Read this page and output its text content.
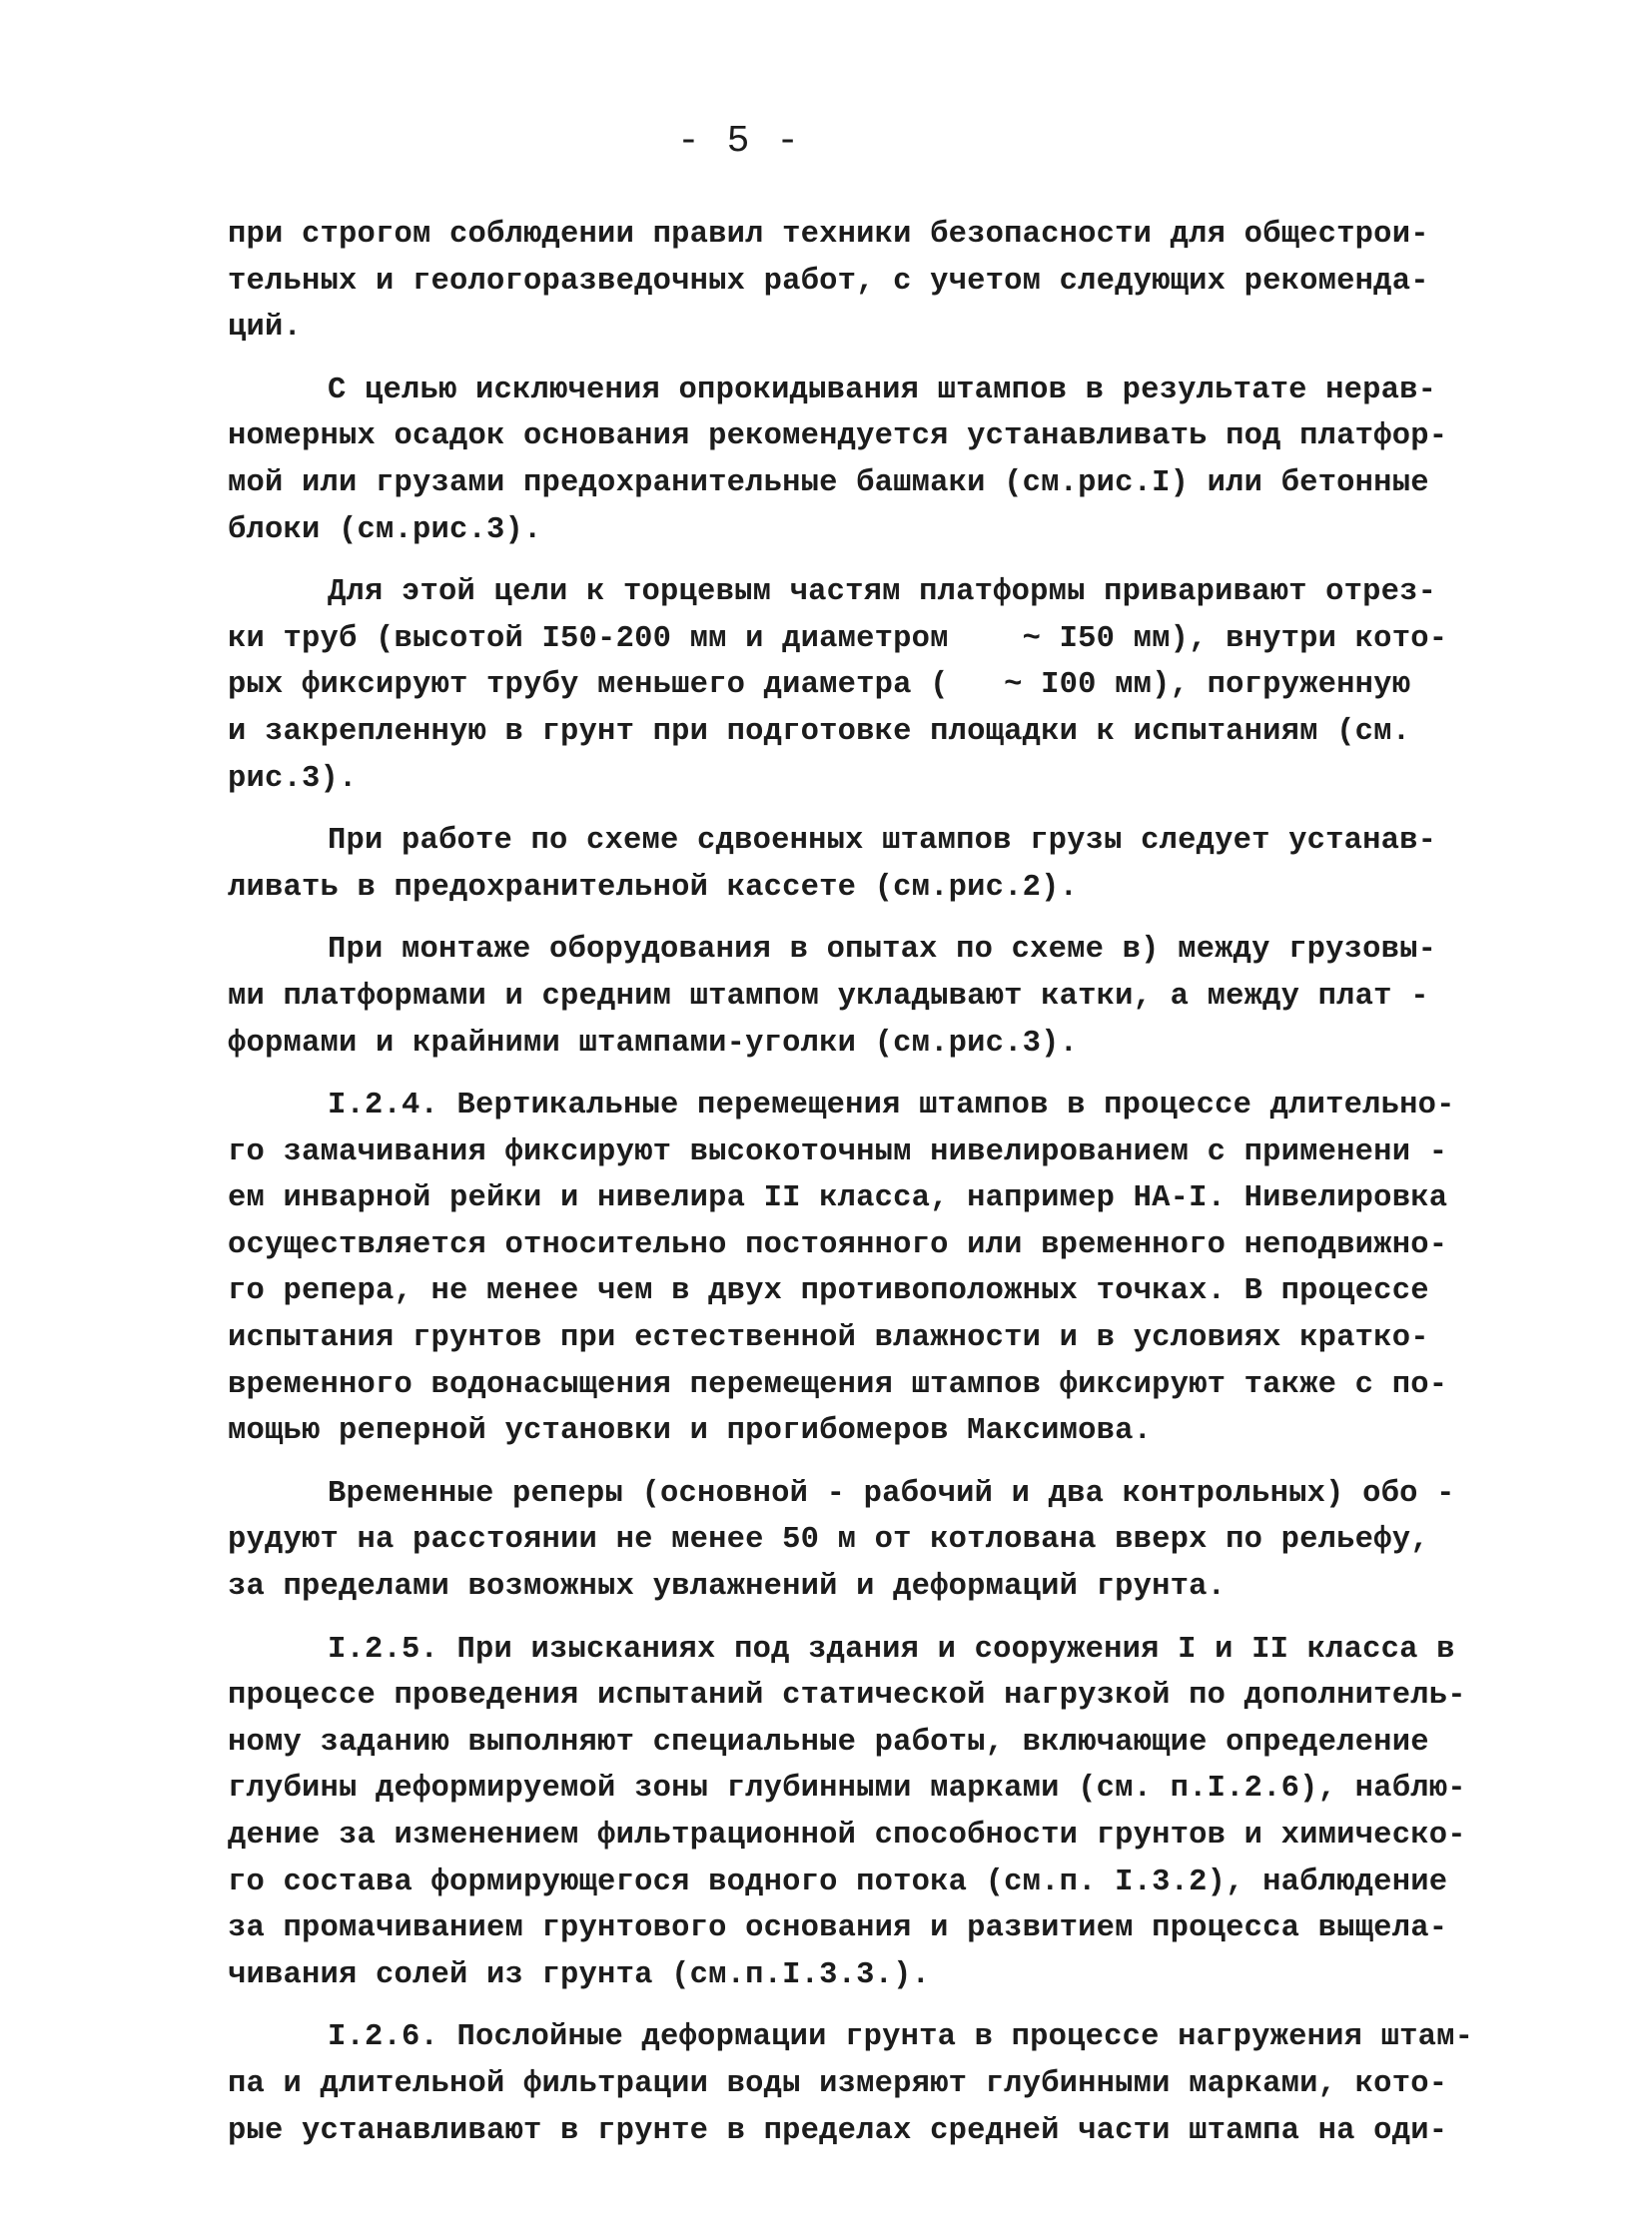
- 5 -
при строгом соблюдении правил техники безопасности для общестрои-
тельных и геологоразведочных работ, с учетом следующих рекоменда-
ций.
С целью исключения опрокидывания штампов в результате нерав-
номерных осадок основания рекомендуется устанавливать под платфор-
мой или грузами предохранительные башмаки (см.рис.I) или бетонные
блоки (см.рис.3).
Для этой цели к торцевым частям платформы приваривают отрез-
ки труб (высотой I50-200 мм и диаметром    ~ I50 мм), внутри кото-
рых фиксируют трубу меньшего диаметра (   ~ I00 мм), погруженную
и закрепленную в грунт при подготовке площадки к испытаниям (см.
рис.3).
При работе по схеме сдвоенных штампов грузы следует устанав-
ливать в предохранительной кассете (см.рис.2).
При монтаже оборудования в опытах по схеме в) между грузовы-
ми платформами и средним штампом укладывают катки, а между плат -
формами и крайними штампами-уголки (см.рис.3).
I.2.4. Вертикальные перемещения штампов в процессе длительно-
го замачивания фиксируют высокоточным нивелированием с применени -
ем инварной рейки и нивелира II класса, например НА-I. Нивелировка
осуществляется относительно постоянного или временного неподвижно-
го репера, не менее чем в двух противоположных точках. В процессе
испытания грунтов при естественной влажности и в условиях кратко-
временного водонасыщения перемещения штампов фиксируют также с по-
мощью реперной установки и прогибомеров Максимова.
Временные реперы (основной - рабочий и два контрольных) обо -
рудуют на расстоянии не менее 50 м от котлована вверх по рельефу,
за пределами возможных увлажнений и деформаций грунта.
I.2.5. При изысканиях под здания и сооружения I и II класса в
процессе проведения испытаний статической нагрузкой по дополнитель-
ному заданию выполняют специальные работы, включающие определение
глубины деформируемой зоны глубинными марками (см. п.I.2.6), наблю-
дение за изменением фильтрационной способности грунтов и химическо-
го состава формирующегося водного потока (см.п. I.3.2), наблюдение
за промачиванием грунтового основания и развитием процесса выщела-
чивания солей из грунта (см.п.I.3.3.).
I.2.6. Послойные деформации грунта в процессе нагружения штам-
па и длительной фильтрации воды измеряют глубинными марками, кото-
рые устанавливают в грунте в пределах средней части штампа на оди-
